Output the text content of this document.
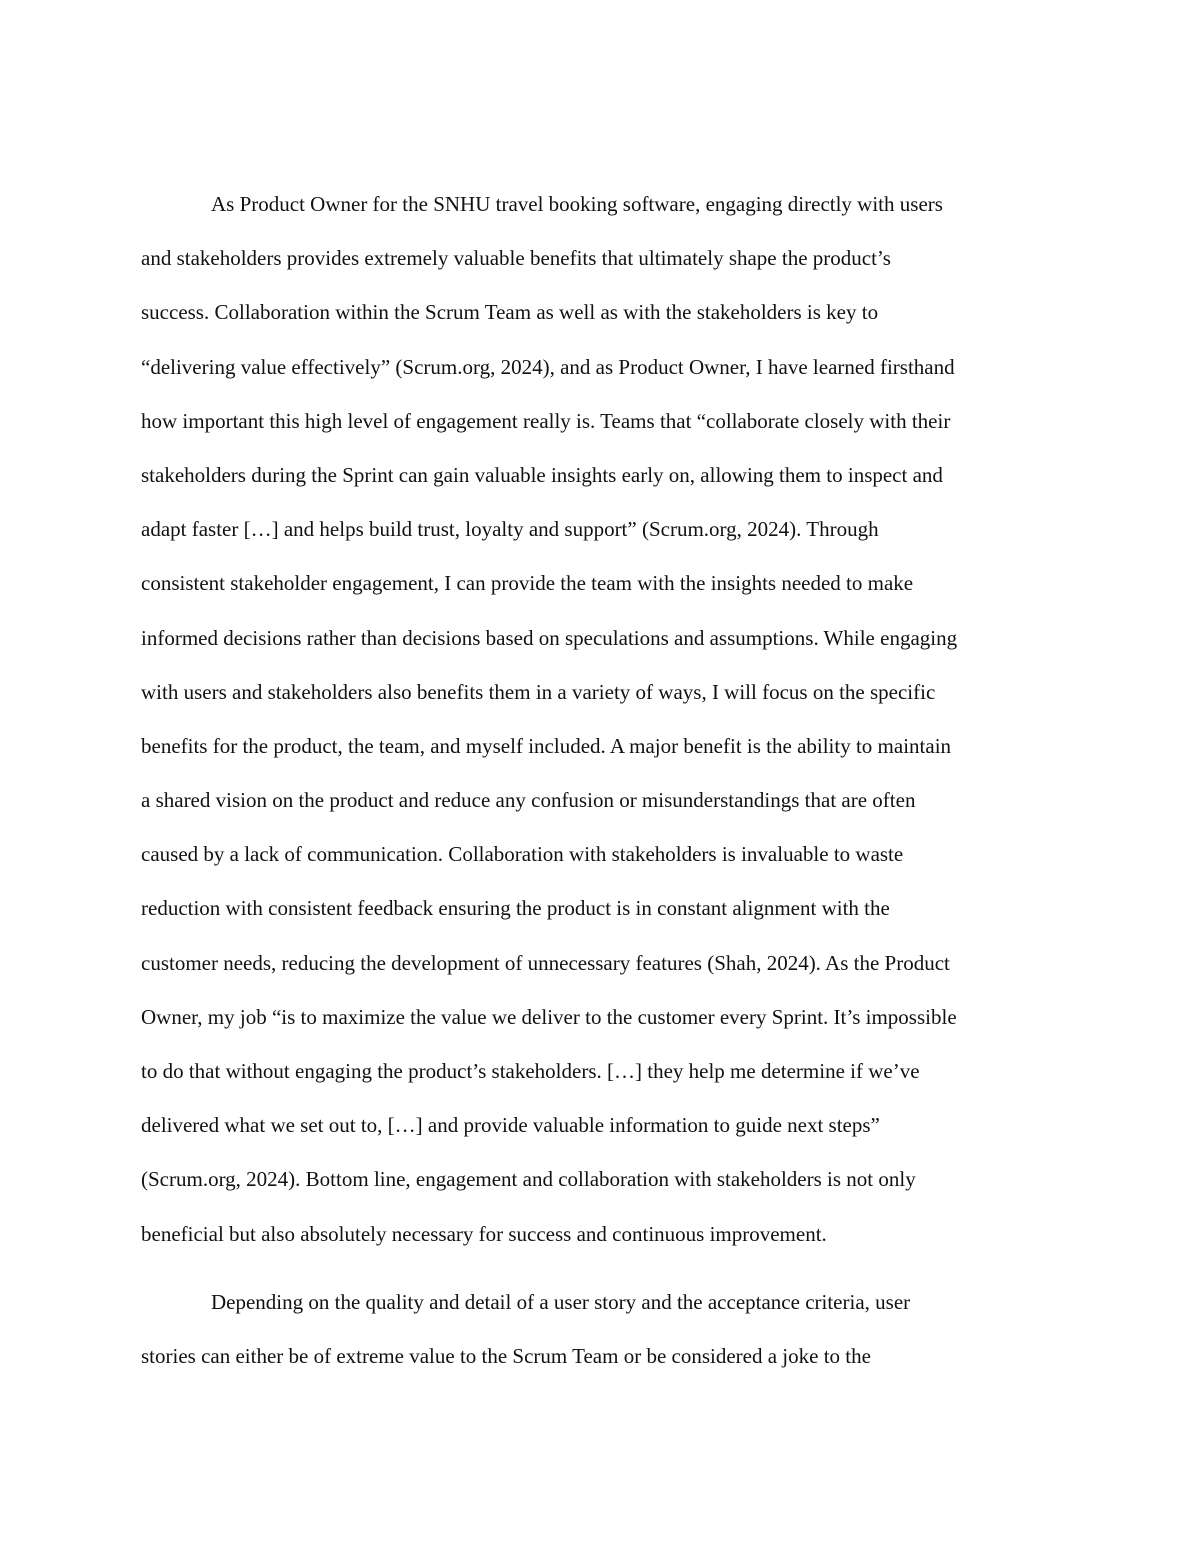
As Product Owner for the SNHU travel booking software, engaging directly with users
and stakeholders provides extremely valuable benefits that ultimately shape the product’s
success. Collaboration within the Scrum Team as well as with the stakeholders is key to
“delivering value effectively” (Scrum.org, 2024), and as Product Owner, I have learned firsthand
how important this high level of engagement really is. Teams that “collaborate closely with their
stakeholders during the Sprint can gain valuable insights early on, allowing them to inspect and
adapt faster […] and helps build trust, loyalty and support” (Scrum.org, 2024). Through
consistent stakeholder engagement, I can provide the team with the insights needed to make
informed decisions rather than decisions based on speculations and assumptions. While engaging
with users and stakeholders also benefits them in a variety of ways, I will focus on the specific
benefits for the product, the team, and myself included. A major benefit is the ability to maintain
a shared vision on the product and reduce any confusion or misunderstandings that are often
caused by a lack of communication. Collaboration with stakeholders is invaluable to waste
reduction with consistent feedback ensuring the product is in constant alignment with the
customer needs, reducing the development of unnecessary features (Shah, 2024). As the Product
Owner, my job “is to maximize the value we deliver to the customer every Sprint. It’s impossible
to do that without engaging the product’s stakeholders. […] they help me determine if we’ve
delivered what we set out to, […] and provide valuable information to guide next steps”
(Scrum.org, 2024). Bottom line, engagement and collaboration with stakeholders is not only
beneficial but also absolutely necessary for success and continuous improvement.
Depending on the quality and detail of a user story and the acceptance criteria, user
stories can either be of extreme value to the Scrum Team or be considered a joke to the
